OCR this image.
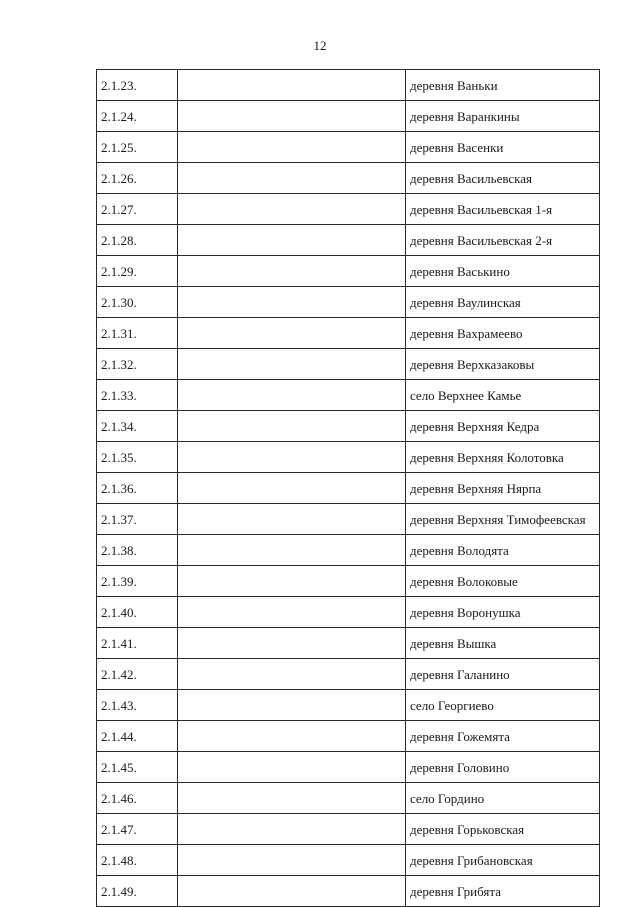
12
2.1.23.		деревня Ваньки
2.1.24.		деревня Варанкины
2.1.25.		деревня Васенки
2.1.26.		деревня Васильевская
2.1.27.		деревня Васильевская 1-я
2.1.28.		деревня Васильевская 2-я
2.1.29.		деревня Васькино
2.1.30.		деревня Ваулинская
2.1.31.		деревня Вахрамеево
2.1.32.		деревня Верхказаковы
2.1.33.		село Верхнее Камье
2.1.34.		деревня Верхняя Кедра
2.1.35.		деревня Верхняя Колотовка
2.1.36.		деревня Верхняя Нярпа
2.1.37.		деревня Верхняя Тимофеевская
2.1.38.		деревня Володята
2.1.39.		деревня Волоковые
2.1.40.		деревня Воронушка
2.1.41.		деревня Вышка
2.1.42.		деревня Галанино
2.1.43.		село Георгиево
2.1.44.		деревня Гожемята
2.1.45.		деревня Головино
2.1.46.		село Гордино
2.1.47.		деревня Горьковская
2.1.48.		деревня Грибановская
2.1.49.		деревня Грибята
